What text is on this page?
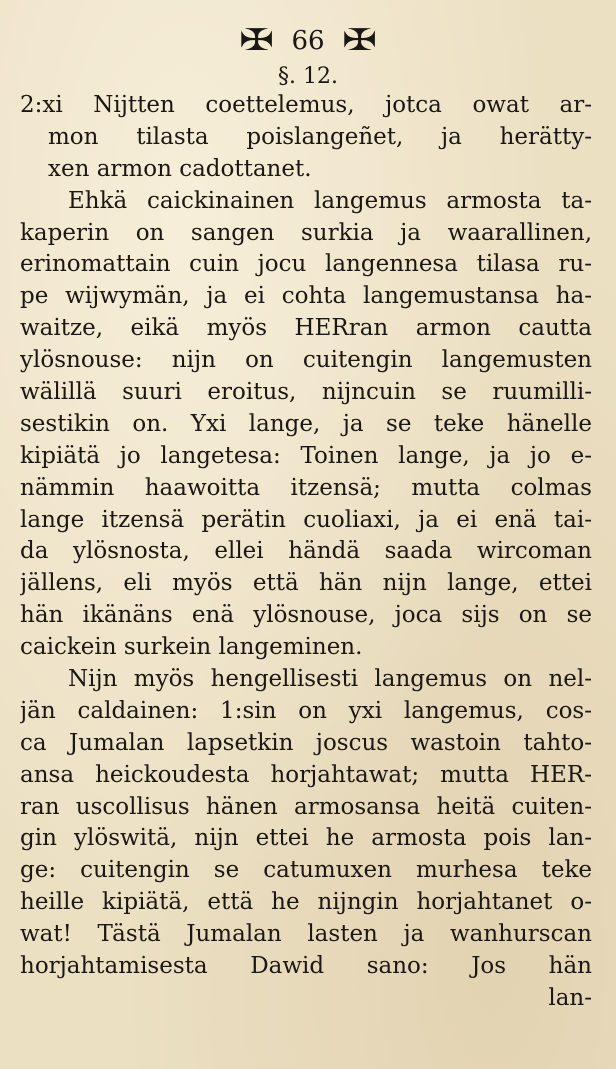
✠ 66 ✠
§. 12.
2:xi Nijtten coettelemus, jotca owat ar-
mon tilasta poislangeñet, ja herätty-
xen armon cadottanet.
Ehkä caickinainen langemus armosta ta-
kaperin on sangen surkia ja waarallinen,
erinomattain cuin jocu langennesa tilasa ru-
pe wijwymän, ja ei cohta langemustansa ha-
waitze, eikä myös HERran armon cautta
ylösnouse: nijn on cuitengin langemusten
wälillä suuri eroitus, nijncuin se ruumilli-
sestikin on. Yxi lange, ja se teke hänelle
kipiätä jo langetesa: Toinen lange, ja jo e-
nämmin haawoitta itzensä; mutta colmas
lange itzensä perätin cuoliaxi, ja ei enä tai-
da ylösnosta, ellei händä saada wircoman
jällens, eli myös että hän nijn lange, ettei
hän ikänäns enä ylösnouse, joca sijs on se
caickein surkein langeminen.
Nijn myös hengellisesti langemus on nel-
jän caldainen: 1:sin on yxi langemus, cos-
ca Jumalan lapsetkin joscus wastoin tahto-
ansa heickoudesta horjahtawat; mutta HER-
ran uscollisus hänen armosansa heitä cuiten-
gin ylöswitä, nijn ettei he armosta pois lan-
ge: cuitengin se catumuxen murhesa teke
heille kipiätä, että he nijngin horjahtanet o-
wat! Tästä Jumalan lasten ja wanhurscan
horjahtamisesta Dawid sano: Jos hän
lan-
